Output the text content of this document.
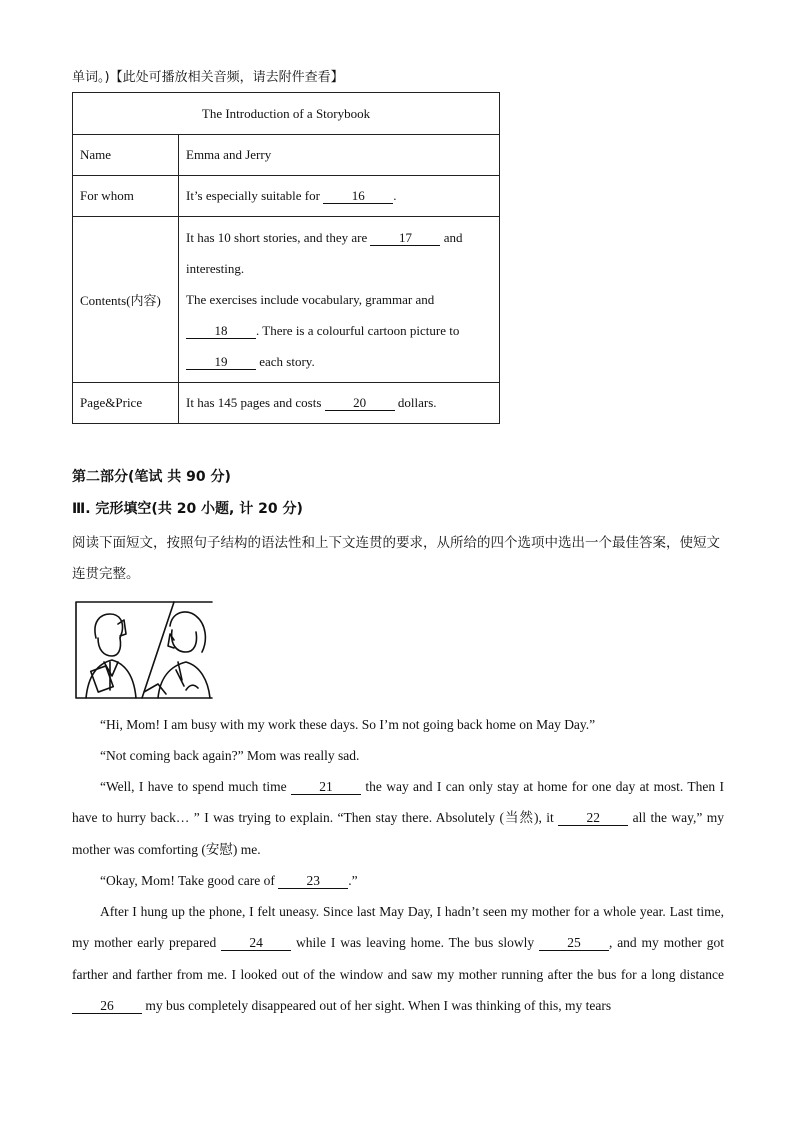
单词。)【此处可播放相关音频，请去附件查看】
The Introduction of a Storybook	
Name	Emma and Jerry
For whom	It’s especially suitable for 16 .
Contents(内容)	It has 10 short stories, and they are 17 and
interesting.
The exercises include vocabulary, grammar and
18 . There is a colourful cartoon picture to
19 each story.

Page&Price	It has 145 pages and costs 20 dollars.
第二部分(笔试 共 90 分)
Ⅲ. 完形填空(共 20 小题, 计 20 分)
阅读下面短文，按照句子结构的语法性和上下文连贯的要求，从所给的四个选项中选出一个最佳答案，使短文连贯完整。
“Hi, Mom! I am busy with my work these days. So I’m not going back home on May Day.”
“Not coming back again?” Mom was really sad.
“Well, I have to spend much time 21 the way and I can only stay at home for one day at most. Then I have to hurry back… ” I was trying to explain. “Then stay there. Absolutely (当然), it 22 all the way,” my mother was comforting (安慰) me.
“Okay, Mom! Take good care of 23 .”
After I hung up the phone, I felt uneasy. Since last May Day, I hadn’t seen my mother for a whole year. Last time, my mother early prepared 24 while I was leaving home. The bus slowly 25 , and my mother got farther and farther from me. I looked out of the window and saw my mother running after the bus for a long distance 26 my bus completely disappeared out of her sight. When I was thinking of this, my tears
